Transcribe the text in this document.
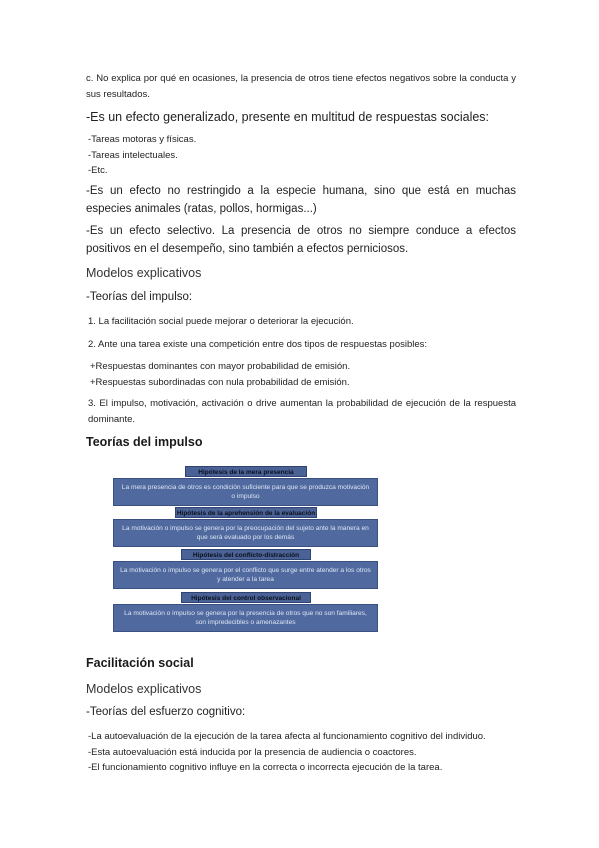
c. No explica por qué en ocasiones, la presencia de otros tiene efectos negativos sobre la conducta y sus resultados.

-Es un efecto generalizado, presente en multitud de respuestas sociales:

-Tareas motoras y físicas.
-Tareas intelectuales.
-Etc.

-Es un efecto no restringido a la especie humana, sino que está en muchas especies animales (ratas, pollos, hormigas...)

-Es un efecto selectivo. La presencia de otros no siempre conduce a efectos positivos en el desempeño, sino también a efectos perniciosos.

Modelos explicativos

-Teorías del impulso:

1. La facilitación social puede mejorar o deteriorar la ejecución.

2. Ante una tarea existe una competición entre dos tipos de respuestas posibles:

+Respuestas dominantes con mayor probabilidad de emisión.
+Respuestas subordinadas con nula probabilidad de emisión.

3. El impulso, motivación, activación o drive aumentan la probabilidad de ejecución de la respuesta dominante.

Teorías del impulso

Hipótesis de la mera presencia
La mera presencia de otros es condición suficiente para que se produzca motivación o impulso
Hipótesis de la aprehensión de la evaluación
La motivación o impulso se genera por la preocupación del sujeto ante la manera en que será evaluado por los demás
Hipótesis del conflicto-distracción
La motivación o impulso se genera por el conflicto que surge entre atender a los otros y atender a la tarea
Hipótesis del control observacional
La motivación o impulso se genera por la presencia de otros que no son familiares, son impredecibles o amenazantes

Facilitación social

Modelos explicativos

-Teorías del esfuerzo cognitivo:

-La autoevaluación de la ejecución de la tarea afecta al funcionamiento cognitivo del individuo.
-Esta autoevaluación está inducida por la presencia de audiencia o coactores.
-El funcionamiento cognitivo influye en la correcta o incorrecta ejecución de la tarea.
